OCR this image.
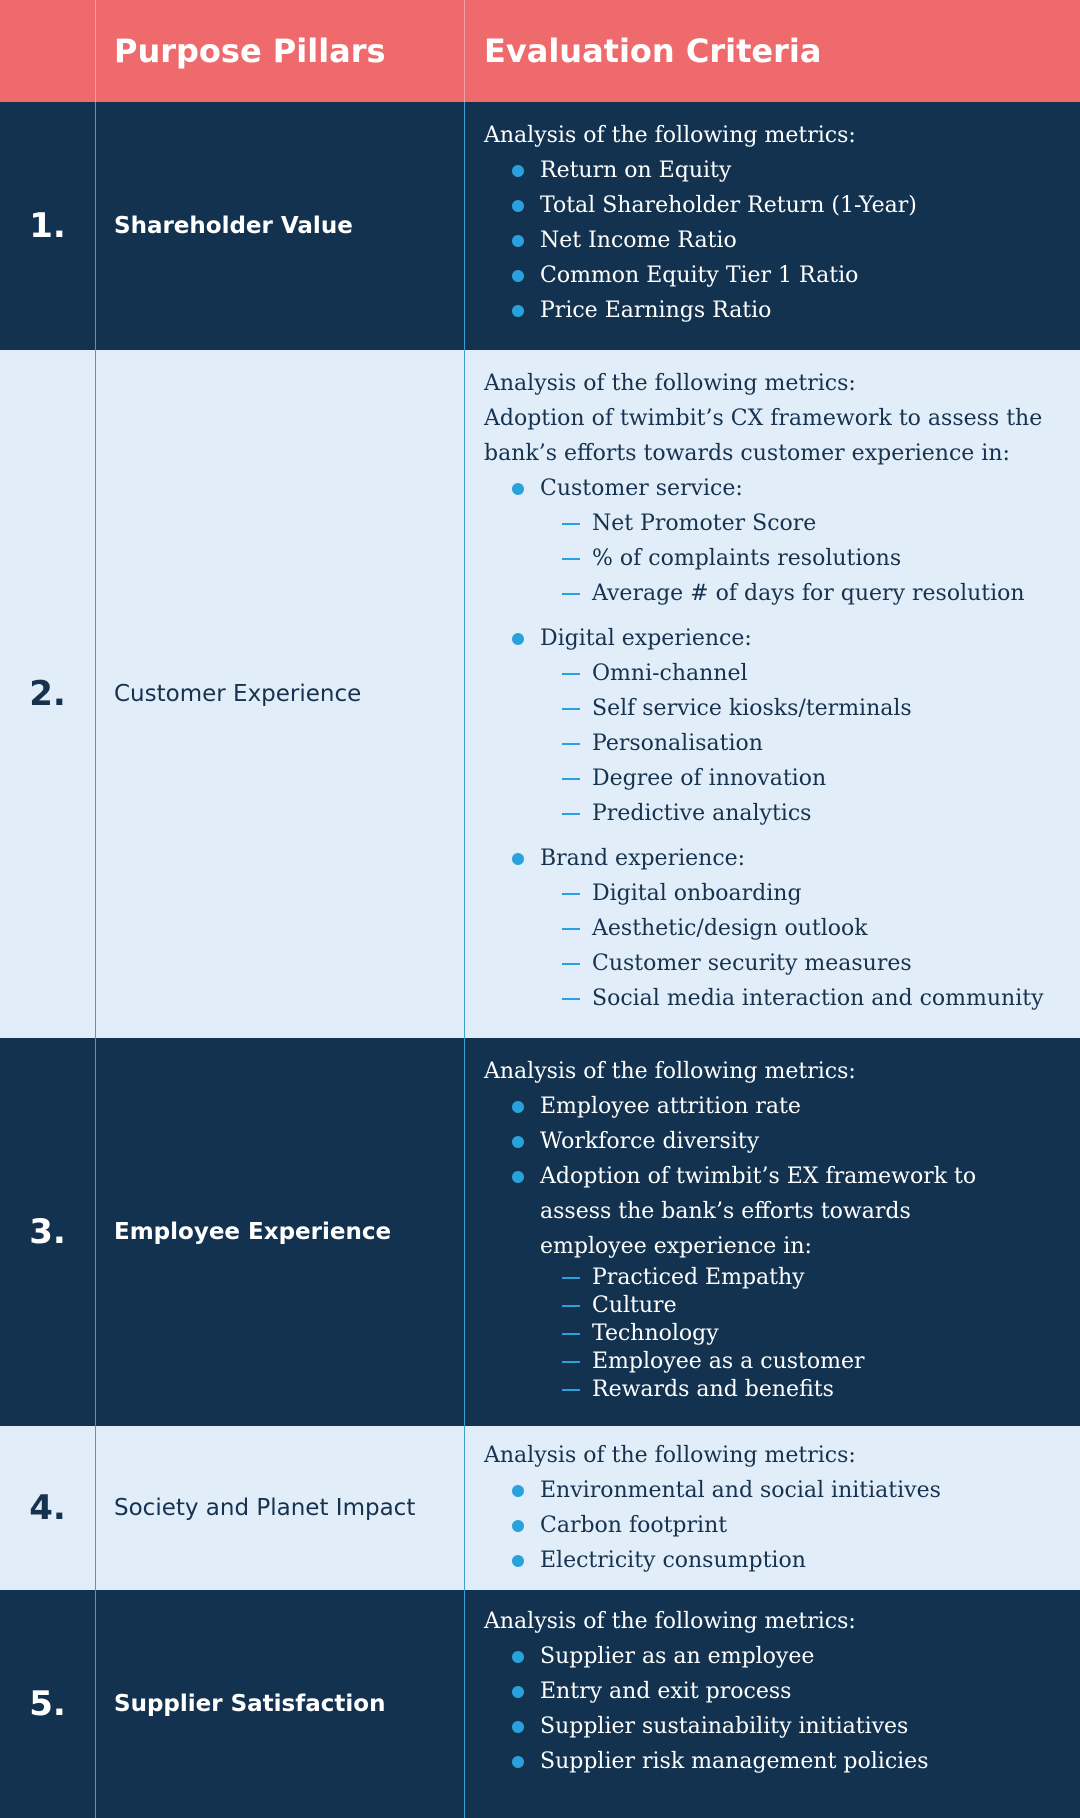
Purpose Pillars	Evaluation Criteria
1.	Shareholder Value

Analysis of the following metrics:

Return on Equity
Total Shareholder Return (1-Year)
Net Income Ratio
Common Equity Tier 1 Ratio
Price Earnings Ratio
2.	Customer Experience

Analysis of the following metrics:

Adoption of twimbit’s CX framework to assess the bank’s efforts towards customer experience in:

Customer service:
Net Promoter Score
% of complaints resolutions
Average # of days for query resolution
Digital experience:
Omni-channel
Self service kiosks/terminals
Personalisation
Degree of innovation
Predictive analytics
Brand experience:
Digital onboarding
Aesthetic/design outlook
Customer security measures
Social media interaction and community
3.	Employee Experience

Analysis of the following metrics:

Employee attrition rate
Workforce diversity
Adoption of twimbit’s EX framework to assess the bank’s efforts towards employee experience in:
Practiced Empathy
Culture
Technology
Employee as a customer
Rewards and benefits
4.	Society and Planet Impact

Analysis of the following metrics:

Environmental and social initiatives
Carbon footprint
Electricity consumption
5.	Supplier Satisfaction

Analysis of the following metrics:

Supplier as an employee
Entry and exit process
Supplier sustainability initiatives
Supplier risk management policies
